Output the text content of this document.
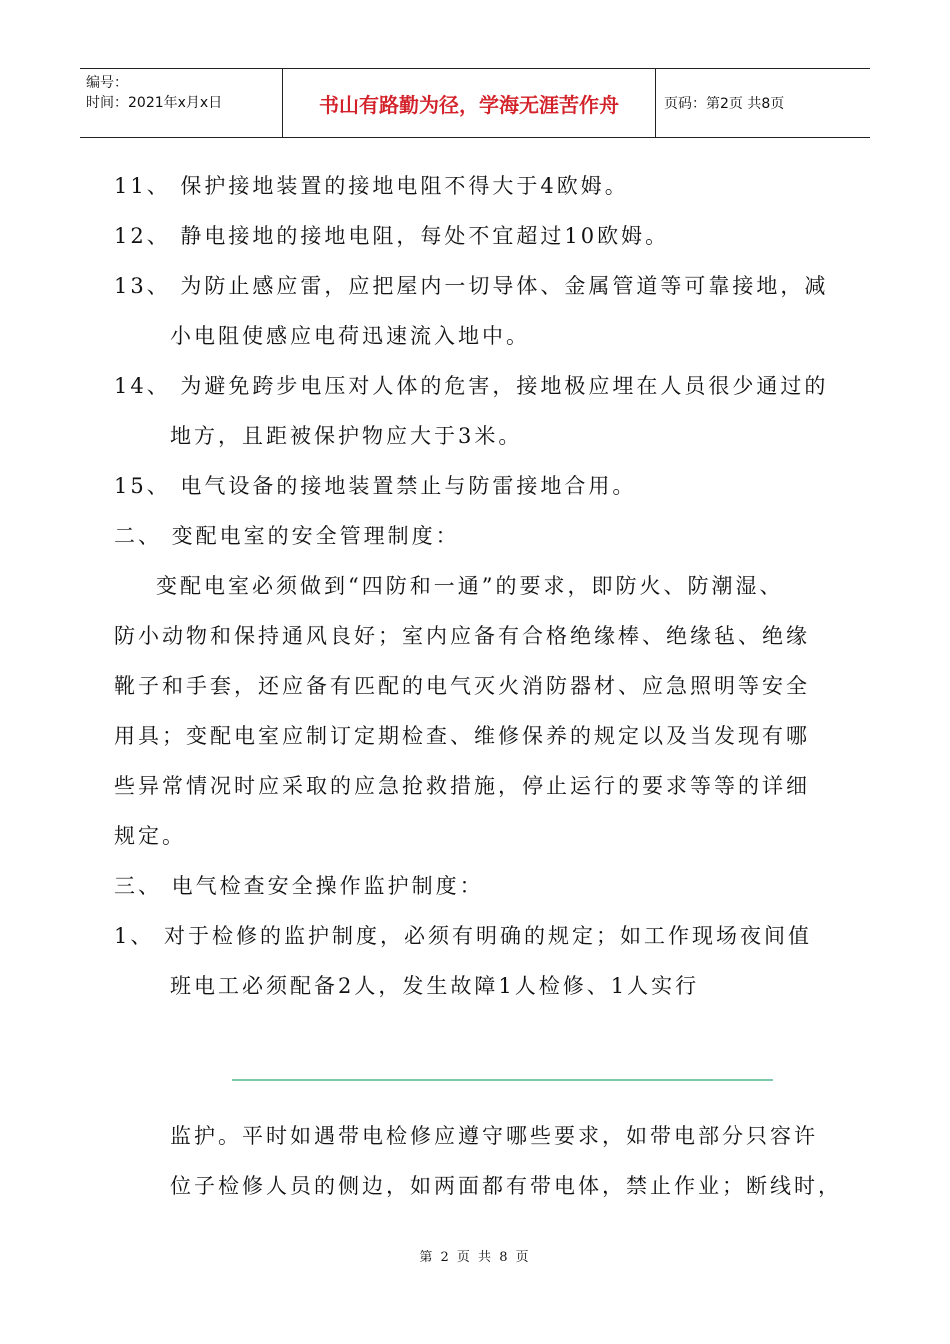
编号：
时间：2021年x月x日	书山有路勤为径，学海无涯苦作舟	页码：第2页 共8页
11、 保护接地装置的接地电阻不得大于4欧姆。
12、 静电接地的接地电阻，每处不宜超过10欧姆。
13、 为防止感应雷，应把屋内一切导体、金属管道等可靠接地，减
小电阻使感应电荷迅速流入地中。
14、 为避免跨步电压对人体的危害，接地极应埋在人员很少通过的
地方，且距被保护物应大于3米。
15、 电气设备的接地装置禁止与防雷接地合用。
二、 变配电室的安全管理制度：
变配电室必须做到“四防和一通”的要求，即防火、防潮湿、
防小动物和保持通风良好；室内应备有合格绝缘棒、绝缘毡、绝缘
靴子和手套，还应备有匹配的电气灭火消防器材、应急照明等安全
用具；变配电室应制订定期检查、维修保养的规定以及当发现有哪
些异常情况时应采取的应急抢救措施，停止运行的要求等等的详细
规定。
三、 电气检查安全操作监护制度：
1、 对于检修的监护制度，必须有明确的规定；如工作现场夜间值
班电工必须配备2人，发生故障1人检修、1人实行
监护。平时如遇带电检修应遵守哪些要求，如带电部分只容许
位子检修人员的侧边，如两面都有带电体，禁止作业；断线时，
第 2 页 共 8 页
